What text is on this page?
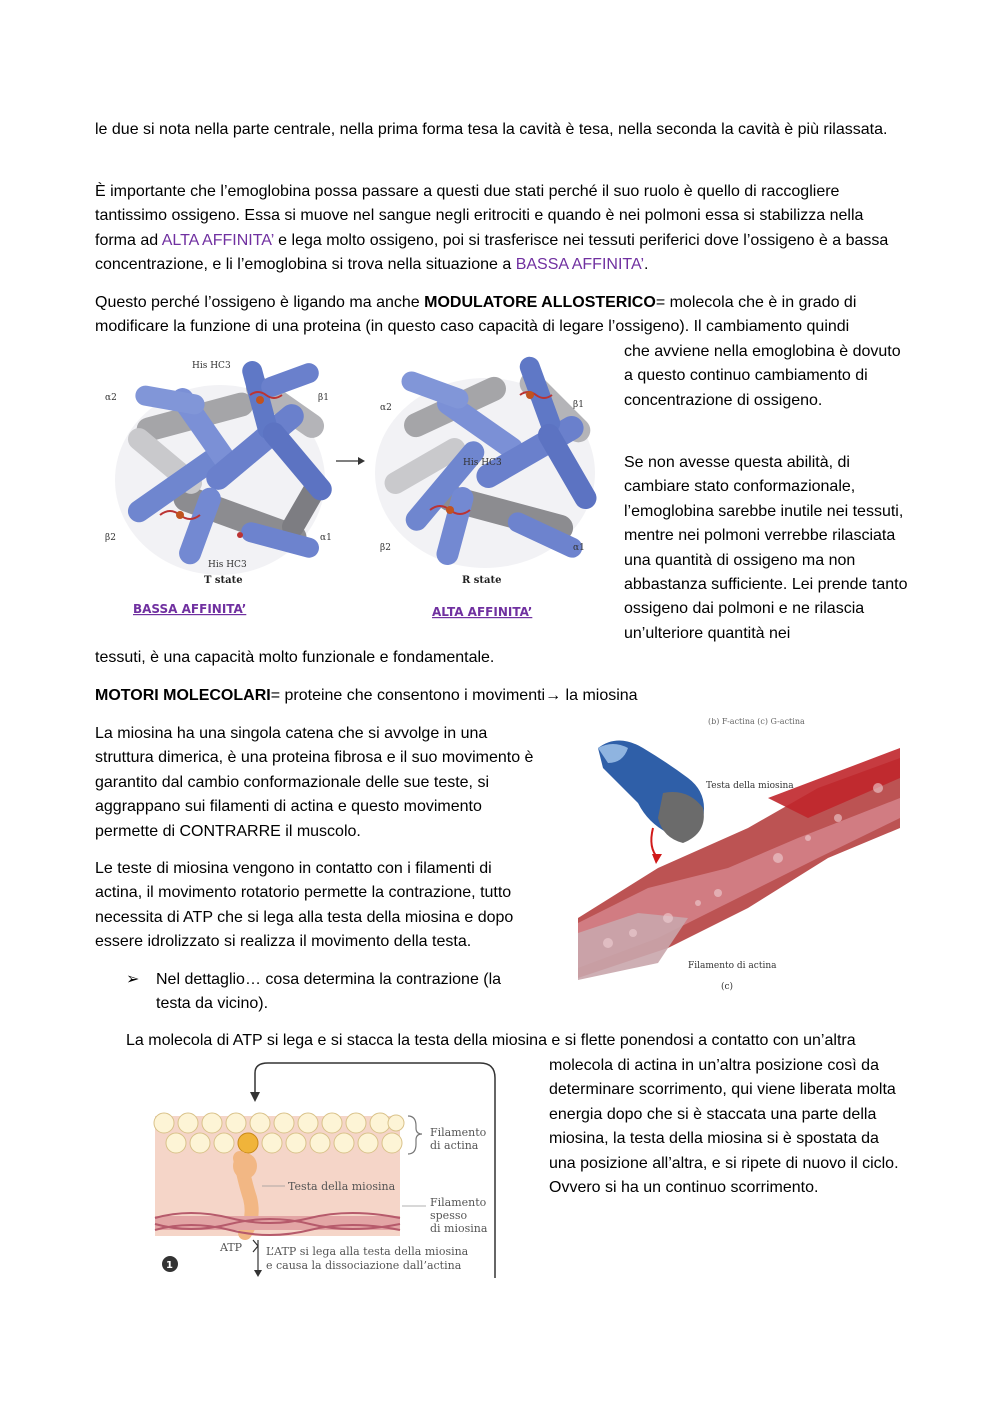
le due si nota nella parte centrale, nella prima forma tesa la cavità è tesa, nella seconda la cavità è più rilassata.

È importante che l’emoglobina possa passare a questi due stati perché il suo ruolo è quello di raccogliere tantissimo ossigeno. Essa si muove nel sangue negli eritrociti e quando è nei polmoni essa si stabilizza nella forma ad ALTA AFFINITA’ e lega molto ossigeno, poi si trasferisce nei tessuti periferici dove l’ossigeno è a bassa concentrazione, e li l’emoglobina si trova nella situazione a BASSA AFFINITA’.

Questo perché l’ossigeno è ligando ma anche MODULATORE ALLOSTERICO= molecola che è in grado di modificare la funzione di una proteina (in questo caso capacità di legare l’ossigeno). Il cambiamento quindi

che avviene nella emoglobina è dovuto a questo continuo cambiamento di concentrazione di ossigeno.

Se non avesse questa abilità, di cambiare stato conformazionale, l’emoglobina sarebbe inutile nei tessuti, mentre nei polmoni verrebbe rilasciata una quantità di ossigeno ma non abbastanza sufficiente. Lei prende tanto ossigeno dai polmoni e ne rilascia un’ulteriore quantità nei

tessuti, è una capacità molto funzionale e fondamentale.

α2	β1
β2	α1
His HC3
His HC3
T state
α2	β1
β2	α1
His HC3
R state
BASSA AFFINITA’	ALTA AFFINITA’

MOTORI MOLECOLARI= proteine che consentono i movimenti→ la miosina

La miosina ha una singola catena che si avvolge in una struttura dimerica, è una proteina fibrosa e il suo movimento è garantito dal cambio conformazionale delle sue teste, si aggrappano sui filamenti di actina e questo movimento permette di CONTRARRE il muscolo.

Le teste di miosina vengono in contatto con i filamenti di actina, il movimento rotatorio permette la contrazione, tutto necessita di ATP che si lega alla testa della miosina e dopo essere idrolizzato si realizza il movimento della testa.

➢	Nel dettaglio… cosa determina la contrazione (la testa da vicino).

(b) F-actina (c) G-actina
Testa della miosina
Filamento di actina
(c)

La molecola di ATP si lega e si stacca la testa della miosina e si flette ponendosi a contatto con un’altra

molecola di actina in un’altra posizione così da determinare scorrimento, qui viene liberata molta energia dopo che si è staccata una parte della miosina, la testa della miosina si è spostata da una posizione all’altra, e si ripete di nuovo il ciclo. Ovvero si ha un continuo scorrimento.

Filamento
di actina
Testa della miosina
Filamento
spesso
di miosina
ATP L’ATP si lega alla testa della miosina
e causa la dissociazione dall’actina
1
